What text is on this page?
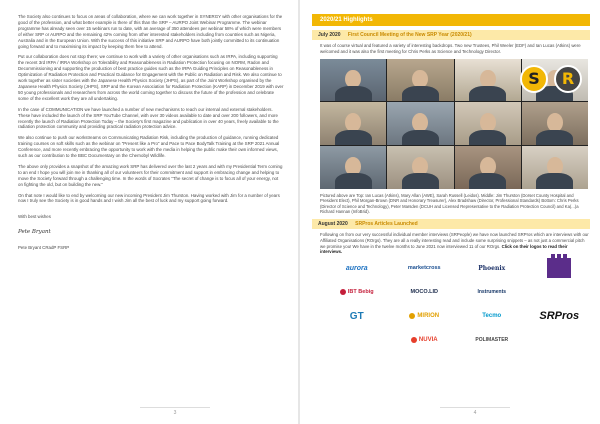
The Society also continues to focus on areas of collaboration, where we can work together in SYNERGY with other organisations for the good of the profession, and what better example is there of this than the SRP – AURPO Joint Webinar Programme. The webinar programme has already seen over 15 webinars run to date, with an average of 350 attendees per webinar 58% of which were members of either SRP or AURPO and the remaining 42% coming from other interested stakeholders including from countries such as Nigeria, Australia and in the European Union. With the success of this initiative SRP and AURPO have both jointly committed to its continuation going forward and to maximising its impact by keeping them free to attend.

Put our collaboration does not stop there; we continue to work with a variety of other organisations such as IRPA, including supporting the recent 3rd IRPA / IRRA Workshop on Tolerability and Reasonableness in Radiation Protection focusing on NORM, Radon and Decommissioning and supporting the production of best practice guides such as the IRPA Guiding Principles on Reasonableness in Optimization of Radiation Protection and Practical Guidance for Engagement with the Public on Radiation and Risk. We also continue to work together as sister societies with the Japanese Health Physics Society (JHPS), as part of the Joint Workshop organised by the Japanese Health Physics Society (JHPS), SRP and the Korean Association for Radiation Protection (KARP) in December 2019 with over 50 young professionals and researchers from across the world coming together to discuss the future of the profession and celebrate some of the excellent work they are all undertaking.

In the case of COMMUNICATION we have launched a number of new mechanisms to reach our internal and external stakeholders. These have included the launch of the SRP YouTube Channel, with over 30 videos available to date and over 200 followers, and more recently the launch of Radiation Protection Today – the Society's first magazine and publication in over 40 years, freely available to the radiation protection community and providing practical radiation protection advice.

We also continue to push our workstreams on Communicating Radiation Risk, including the production of guidance, running dedicated training courses on soft skills such as the webinar on "Present like a Pro" and Pace to Pace BodyTalk Training at the SRP 2021 Annual Conference, and more recently embracing the opportunity to work with the media in helping the public make their own informed views, such as our contribution to the BBC Documentary on the Chernobyl Wildlife.

The above only provides a snapshot of the amazing work SRP has delivered over the last 2 years and with my Presidential Term coming to an end I hope you will join me in thanking all of our volunteers for their commitment and support in embracing change and helping to move the Society forward through a challenging time. In the words of Socrates "The secret of change is to focus all of your energy, not on fighting the old, but on building the new."

On that note I would like to end by welcoming our new incoming President Jim Thurston. Having worked with Jim for a number of years now I truly see the Society is in good hands and I wish Jim all the best of luck and my support going forward.

With best wishes
Pete Bryant
Pete Bryant CRadP FSRP
3
2020/21 Highlights
July 2020 First Council Meeting of the New SRP Year (2020/21)

It was of course virtual and featured a variety of interesting backdrops. Two new Trustees, Phil Weeler (EDF) and Ian Lucas (Atkins) were welcomed and it was also the first meeting for Chris Perks as Science and Technology Director.

S	R

Pictured above are Top: Ian Lucas (Atkins), Mary Allan (AWE), Sarah Russell (Leidos). Middle: Jim Thurston (Dorset County Hospital and President Elect), Phil Morgan-Brown (DNR and Honorary Treasurer), Alex Bradshaw (Director, Professional Standards) Bottom: Chris Perks (Director of Science and Technology), Peter Marsden (DCUH and Licensed Representative to the Radiation Protection Council) and Ka(...)a Richard Hannan (InfoBrid).

August 2020 SRPros Articles Launched

Following on from our very successful individual member interviews (SRPeople) we have now launched SRPros which are interviews with our Affiliated Organisations (ROrgs). They are all a really interesting read and include some surprising snippets – as not just a commercial pitch we promise you! We have in the twelve months to June 2021 now interviewed 11 of our ROrgs. Click on their logos to read their interviews.

aurora	marketcross	Phoenix
IBT Bebig	MOCO.LID	Instruments
GT	MIRION	Tecmo	SRPros
NUVIA	POLIMASTER
4
